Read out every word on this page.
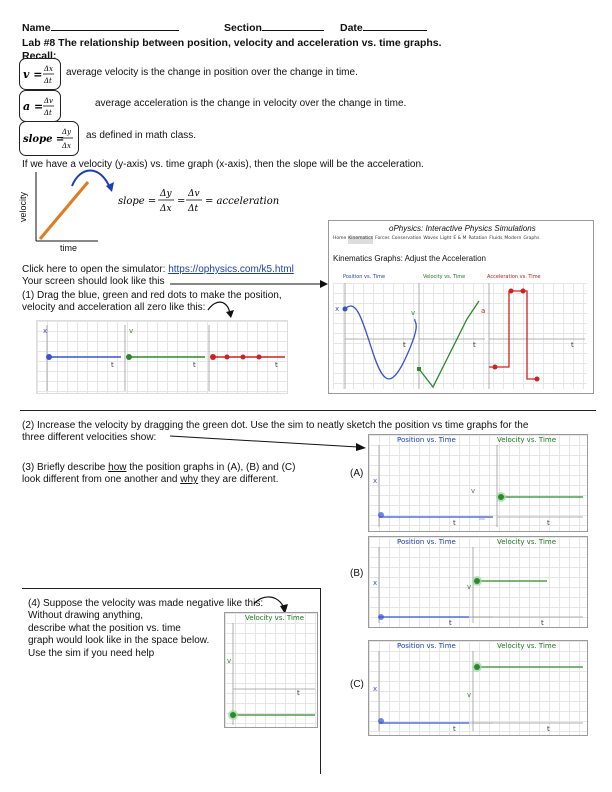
Name	Section	Date
Lab #8 The relationship between position, velocity and acceleration vs. time graphs.
Recall:
v = Δx
Δt
average velocity is the change in position over the change in time.
a = Δv
Δt
average acceleration is the change in velocity over the change in time.
slope =
Δy
Δx
as defined in math class.
If we have a velocity (y-axis) vs. time graph (x-axis), then the slope will be the acceleration.
slope =
Δy
Δx
=
Δv
Δt
= acceleration
velocity
time
Click here to open the simulator: https://ophysics.com/k5.html
Your screen should look like this
(1) Drag the blue, green and red dots to make the position,
velocity and acceleration all zero like this:
x
t
v
t	t
oPhysics: Interactive Physics Simulations
Home Kinematics Forces Conservation Waves Light E & M Rotation Fluids Modern Graphs
Kinematics Graphs: Adjust the Acceleration
Position vs. Time	Velocity vs. Time	Acceleration vs. Time
x	v	a
t	t	t
(2) Increase the velocity by dragging the green dot. Use the sim to neatly sketch the position vs time graphs for the
three different velocities show:
(3) Briefly describe how the position graphs in (A), (B) and (C)
look different from one another and why they are different.
(A)
(B)
(C)
Position vs. Time	Velocity vs. Time
x
t
v
t
Position vs. Time	Velocity vs. Time
x
t
v
t
Position vs. Time	Velocity vs. Time
x
t
v
t
(4) Suppose the velocity was made negative like this:
Without drawing anything,
describe what the position vs. time
graph would look like in the space below.
Use the sim if you need help
Velocity vs. Time
v
t
